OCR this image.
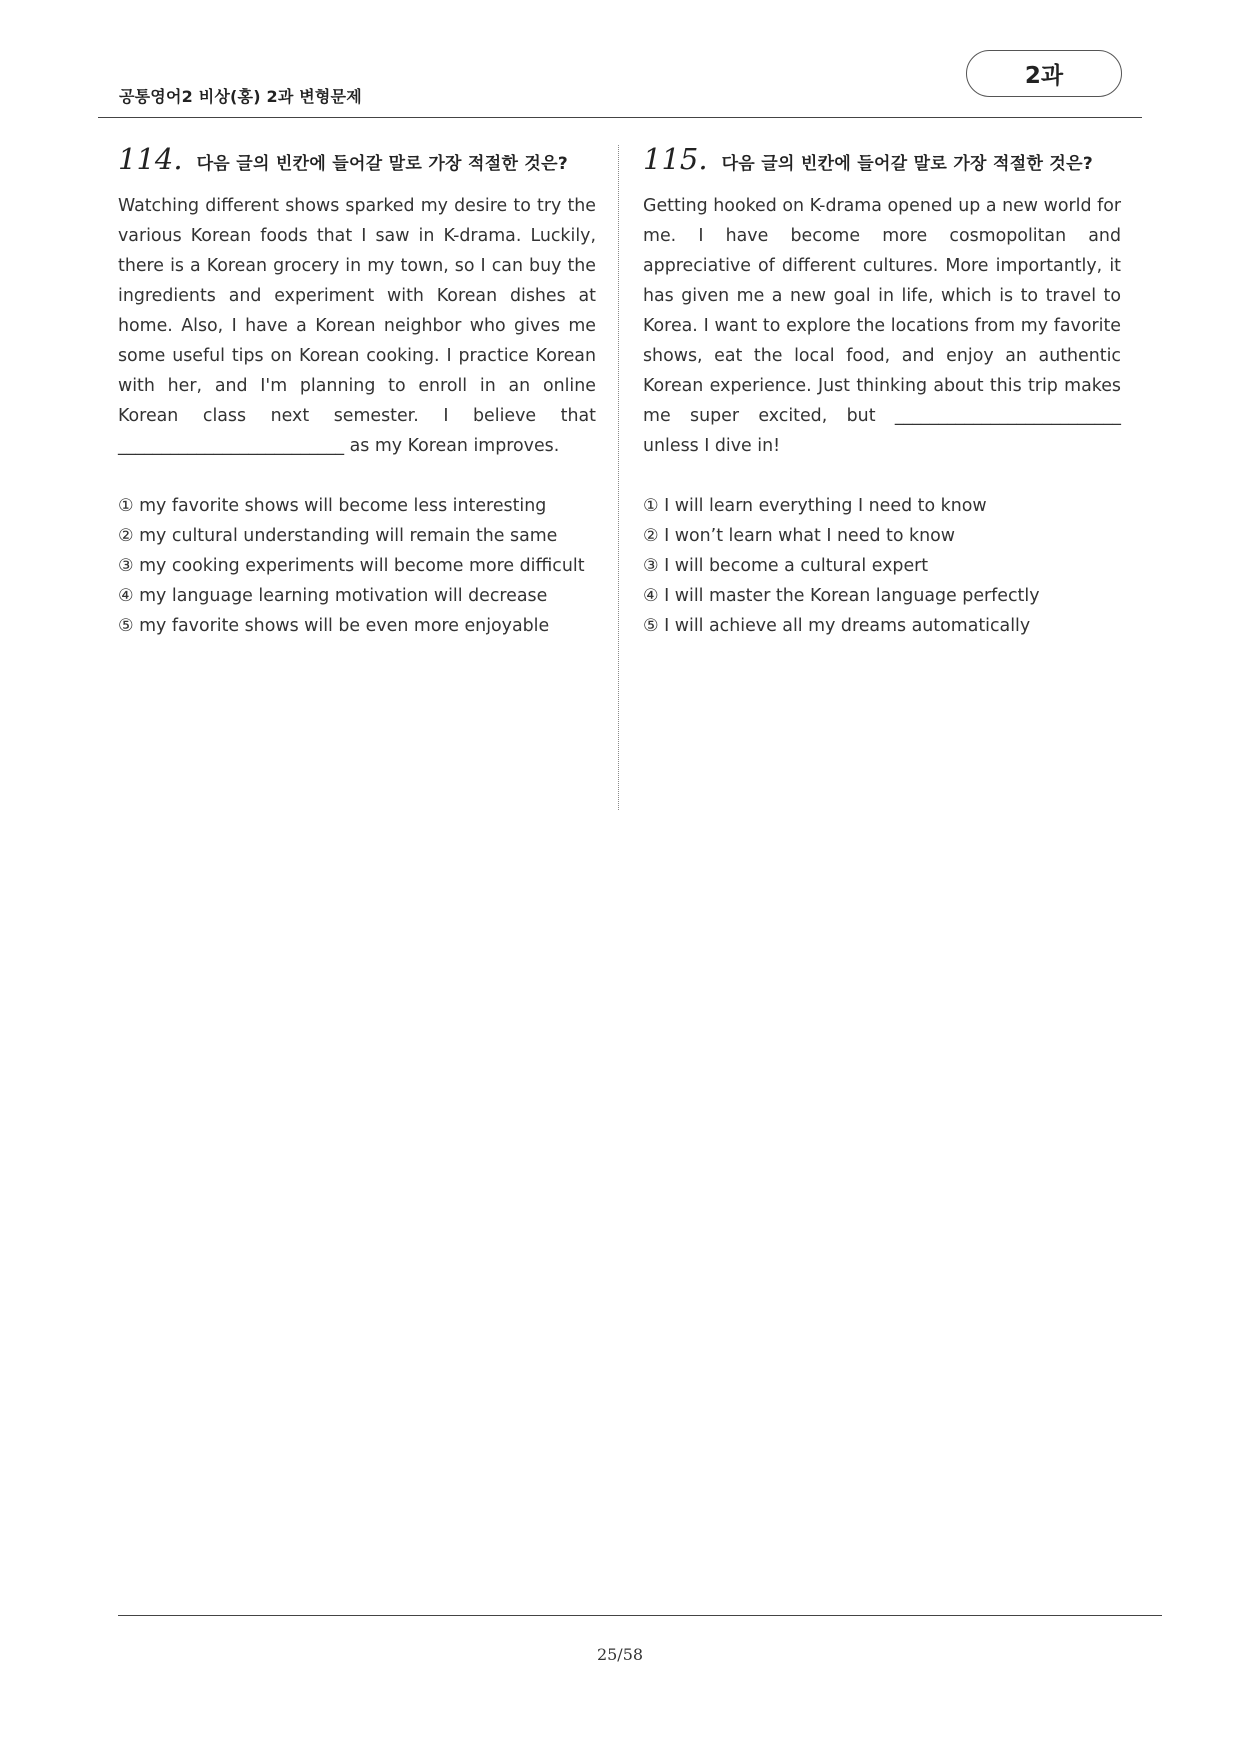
공통영어2 비상(홍) 2과 변형문제
2과
114. 다음 글의 빈칸에 들어갈 말로 가장 적절한 것은?
Watching different shows sparked my desire to try the various Korean foods that I saw in K-drama. Luckily, there is a Korean grocery in my town, so I can buy the ingredients and experiment with Korean dishes at home. Also, I have a Korean neighbor who gives me some useful tips on Korean cooking. I practice Korean with her, and I'm planning to enroll in an online Korean class next semester. I believe that __________________________ as my Korean improves.
① my favorite shows will become less interesting
② my cultural understanding will remain the same
③ my cooking experiments will become more difficult
④ my language learning motivation will decrease
⑤ my favorite shows will be even more enjoyable
115. 다음 글의 빈칸에 들어갈 말로 가장 적절한 것은?
Getting hooked on K-drama opened up a new world for me. I have become more cosmopolitan and appreciative of different cultures. More importantly, it has given me a new goal in life, which is to travel to Korea. I want to explore the locations from my favorite shows, eat the local food, and enjoy an authentic Korean experience. Just thinking about this trip makes me super excited, but __________________________ unless I dive in!
① I will learn everything I need to know
② I won’t learn what I need to know
③ I will become a cultural expert
④ I will master the Korean language perfectly
⑤ I will achieve all my dreams automatically
25/58
